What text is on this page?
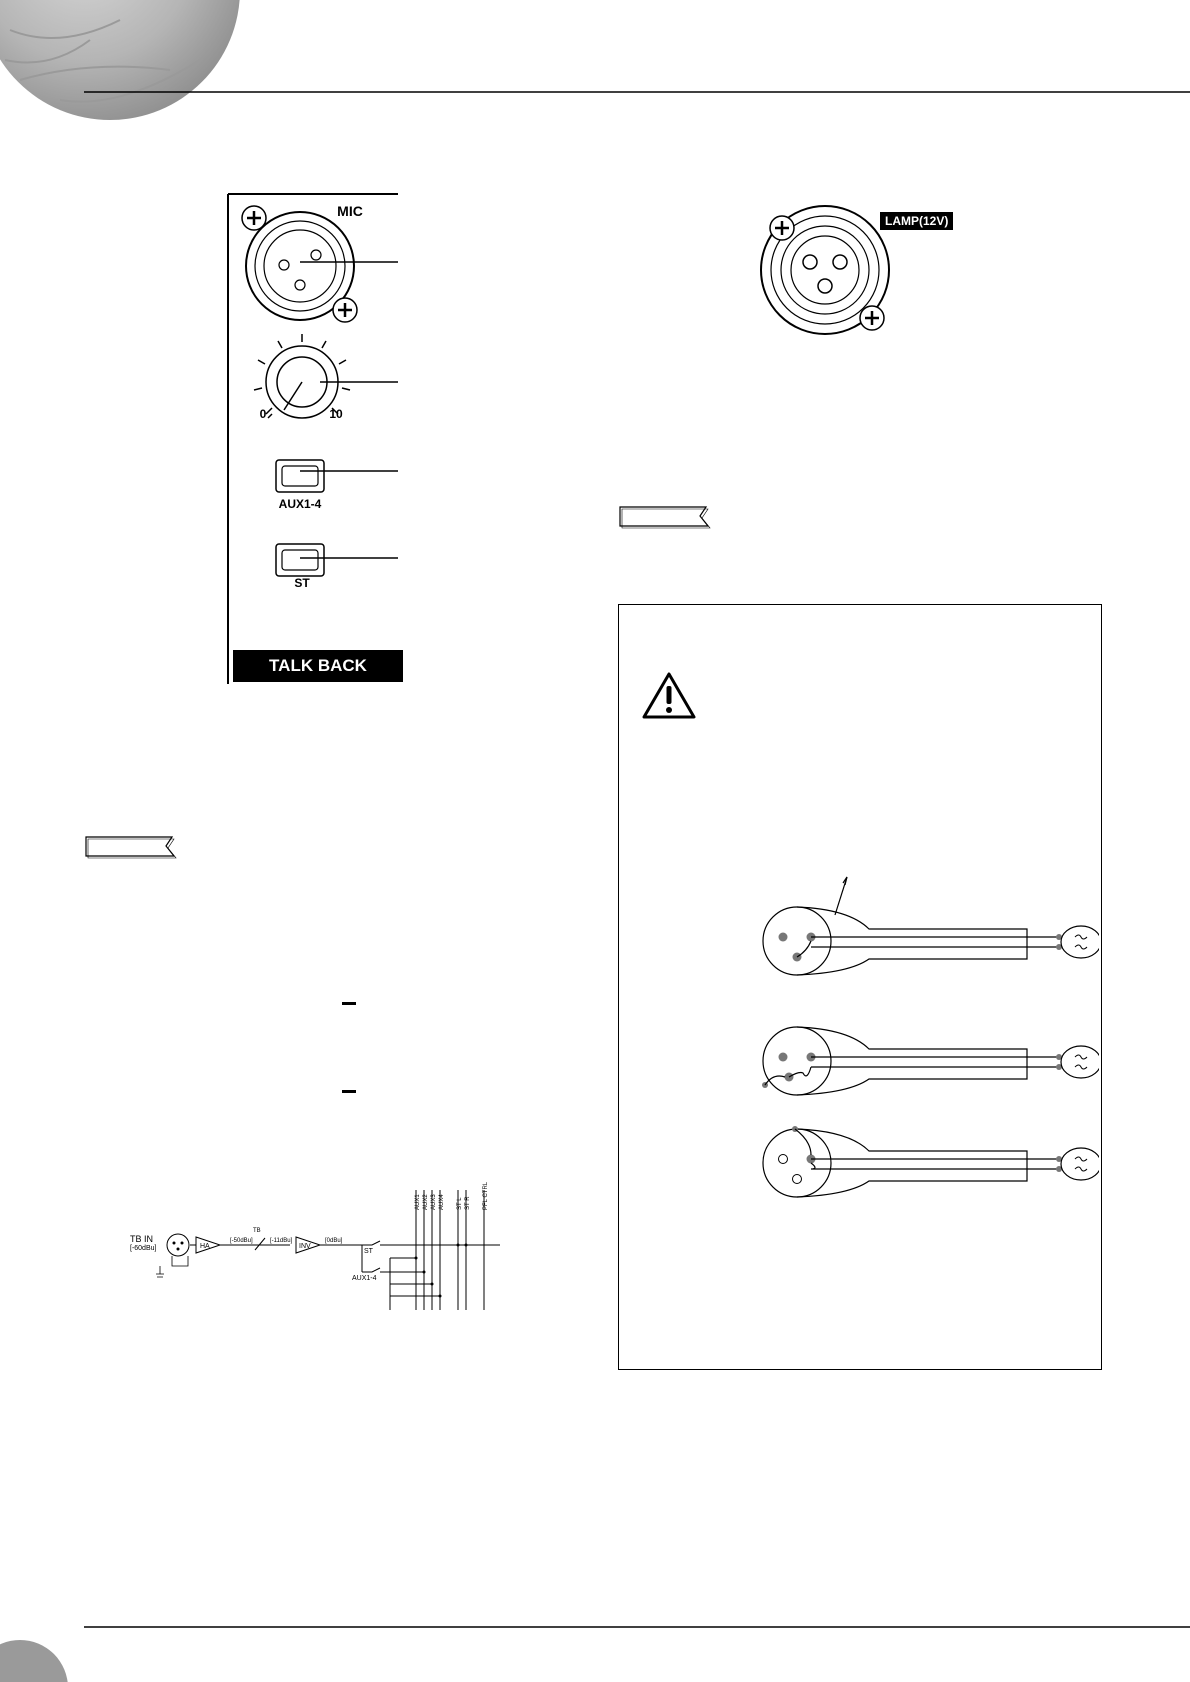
0	10
AUX1-4
ST
MIC
TALK BACK
LAMP(12V)
TB IN
[-60dBu]	HA
[-50dBu]
TB
[-11dBu]
INV
[0dBu]
ST
AUX1-4
AUX1 AUX2 AUX3 AUX4 ST L ST R PFL CTRL
